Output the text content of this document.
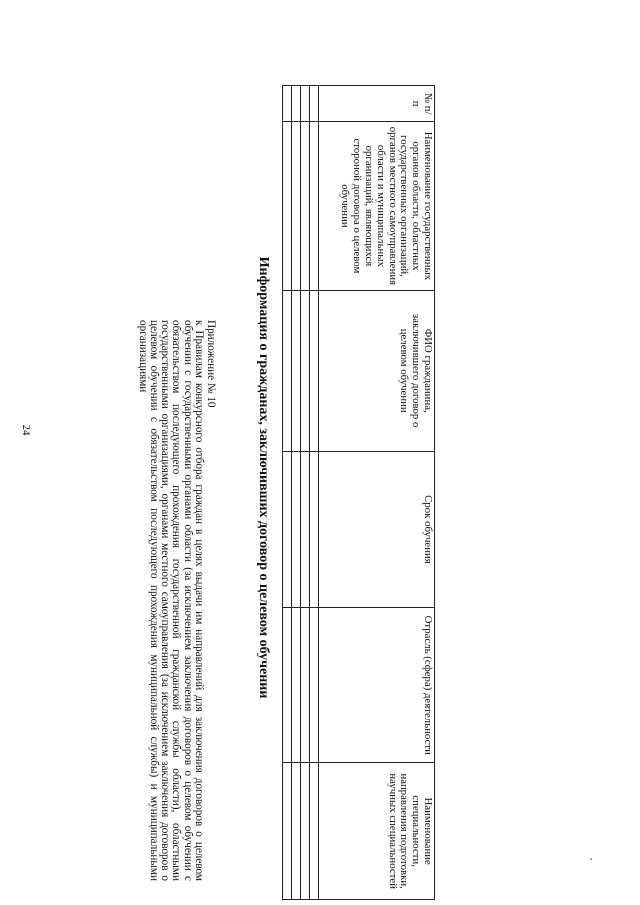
24
Приложение № 10
к Правилам конкурсного отбора граждан в целях выдачи им направлений для заключения договоров о целевом обучении с государственными органами области (за исключением заключения договоров о целевом обучении с обязательством последующего прохождения государственной гражданской службы области), областными государственными организациями, органами местного самоуправления (за исключением заключения договоров о целевом обучении с обязательством последующего прохождения муниципальной службы) и муниципальными организациями
№ п/п	Наименование государственных органов области, областных государственных организаций, органов местного самоуправления области и муниципальных организаций, являющихся стороной договора о целевом обучении	ФИО гражданина, заключившего договор о целевом обучении	Срок обучения	Отрасль (сфера) деятельности	Наименование специальности, направления подготовки, научных специальностей

Информация о гражданах, заключивших договор о целевом обучении
